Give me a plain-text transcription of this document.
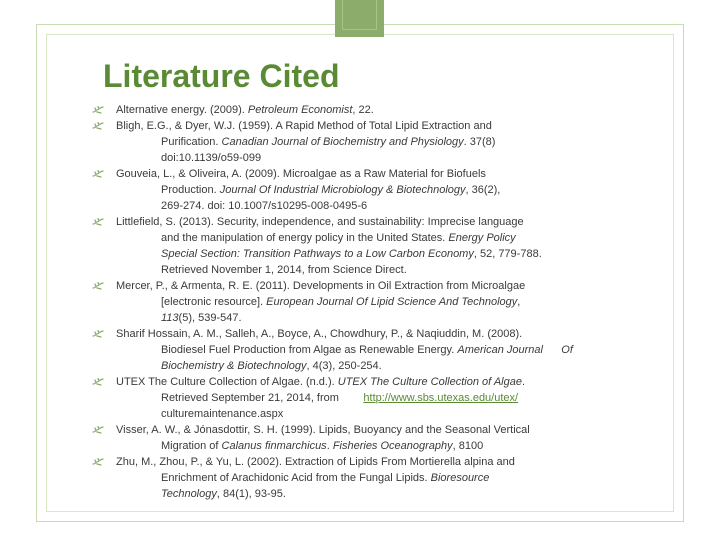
Literature Cited
Alternative energy. (2009). Petroleum Economist, 22.
Bligh, E.G., & Dyer, W.J. (1959). A Rapid Method of Total Lipid Extraction and
Purification. Canadian Journal of Biochemistry and Physiology. 37(8)
doi:10.1139/o59-099
Gouveia, L., & Oliveira, A. (2009). Microalgae as a Raw Material for Biofuels
Production. Journal Of Industrial Microbiology & Biotechnology, 36(2),
269-274. doi: 10.1007/s10295-008-0495-6
Littlefield, S. (2013). Security, independence, and sustainability: Imprecise language
and the manipulation of energy policy in the United States. Energy Policy
Special Section: Transition Pathways to a Low Carbon Economy, 52, 779-788.
Retrieved November 1, 2014, from Science Direct.
Mercer, P., & Armenta, R. E. (2011). Developments in Oil Extraction from Microalgae
[electronic resource]. European Journal Of Lipid Science And Technology,
113(5), 539-547.
Sharif Hossain, A. M., Salleh, A., Boyce, A., Chowdhury, P., & Naqiuddin, M. (2008).
Biodiesel Fuel Production from Algae as Renewable Energy. American Journal      Of
Biochemistry & Biotechnology, 4(3), 250-254.
UTEX The Culture Collection of Algae. (n.d.). UTEX The Culture Collection of Algae.
Retrieved September 21, 2014, from        http://www.sbs.utexas.edu/utex/
culturemaintenance.aspx
Visser, A. W., & Jónasdottir, S. H. (1999). Lipids, Buoyancy and the Seasonal Vertical
Migration of Calanus finmarchicus. Fisheries Oceanography, 8100
Zhu, M., Zhou, P., & Yu, L. (2002). Extraction of Lipids From Mortierella alpina and
Enrichment of Arachidonic Acid from the Fungal Lipids. Bioresource
Technology, 84(1), 93-95.
